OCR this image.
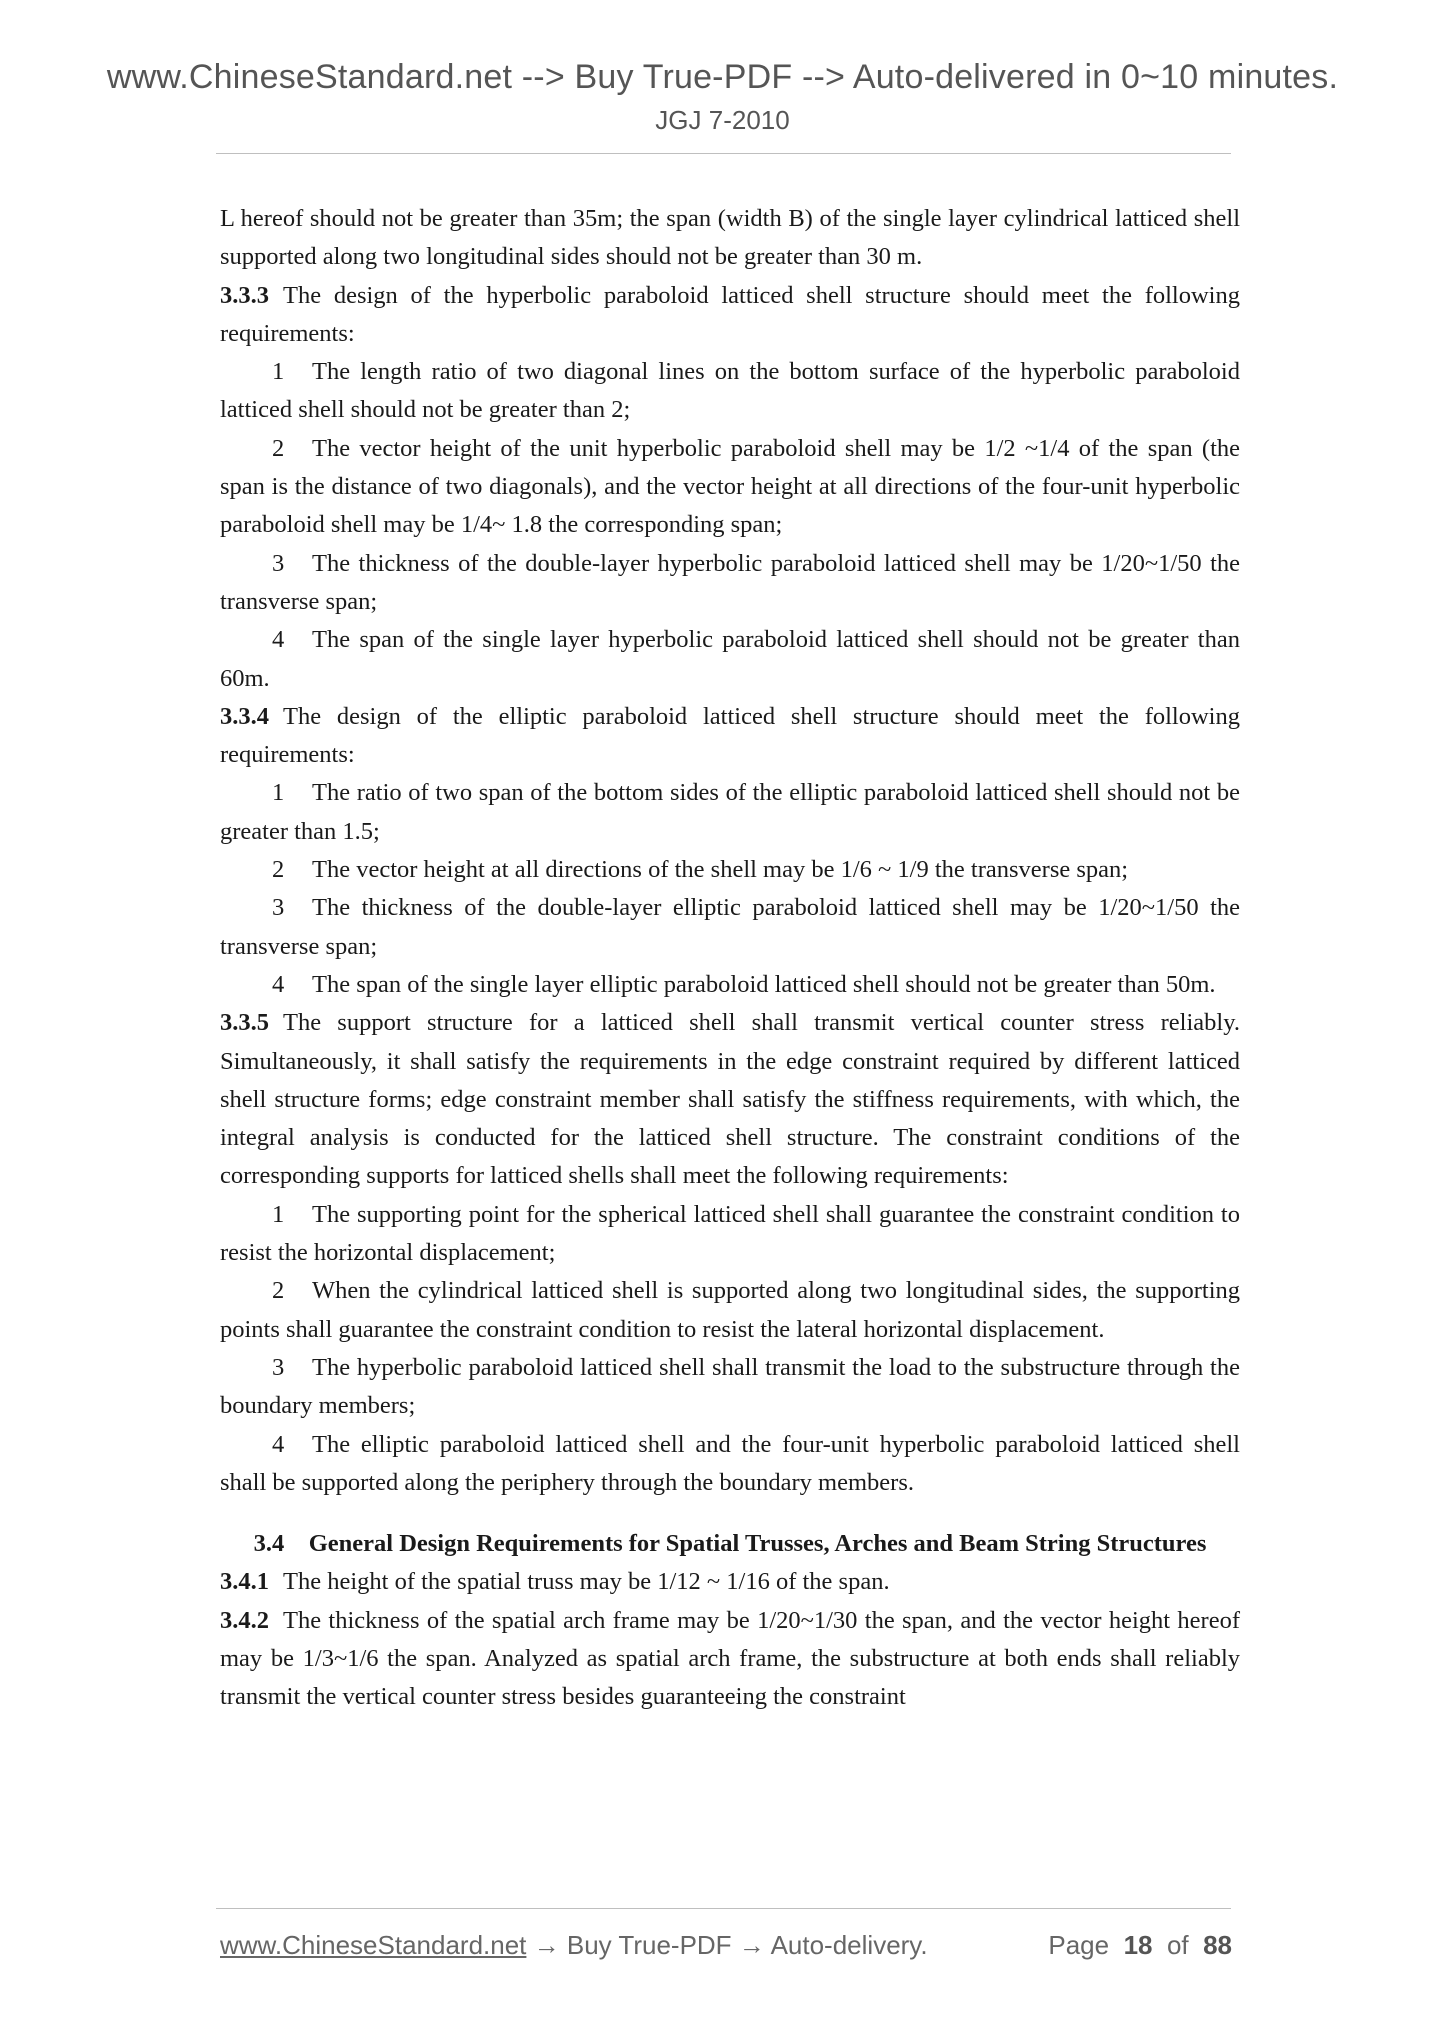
www.ChineseStandard.net --> Buy True-PDF --> Auto-delivered in 0~10 minutes.
JGJ 7-2010

L hereof should not be greater than 35m; the span (width B) of the single layer cylindrical latticed shell supported along two longitudinal sides should not be greater than 30 m.

3.3.3 The design of the hyperbolic paraboloid latticed shell structure should meet the following requirements:

1 The length ratio of two diagonal lines on the bottom surface of the hyperbolic paraboloid latticed shell should not be greater than 2;

2 The vector height of the unit hyperbolic paraboloid shell may be 1/2 ~1/4 of the span (the span is the distance of two diagonals), and the vector height at all directions of the four-unit hyperbolic paraboloid shell may be 1/4~ 1.8 the corresponding span;

3 The thickness of the double-layer hyperbolic paraboloid latticed shell may be 1/20~1/50 the transverse span;

4 The span of the single layer hyperbolic paraboloid latticed shell should not be greater than 60m.

3.3.4 The design of the elliptic paraboloid latticed shell structure should meet the following requirements:

1 The ratio of two span of the bottom sides of the elliptic paraboloid latticed shell should not be greater than 1.5;

2 The vector height at all directions of the shell may be 1/6 ~ 1/9 the transverse span;

3 The thickness of the double-layer elliptic paraboloid latticed shell may be 1/20~1/50 the transverse span;

4 The span of the single layer elliptic paraboloid latticed shell should not be greater than 50m.

3.3.5 The support structure for a latticed shell shall transmit vertical counter stress reliably. Simultaneously, it shall satisfy the requirements in the edge constraint required by different latticed shell structure forms; edge constraint member shall satisfy the stiffness requirements, with which, the integral analysis is conducted for the latticed shell structure. The constraint conditions of the corresponding supports for latticed shells shall meet the following requirements:

1 The supporting point for the spherical latticed shell shall guarantee the constraint condition to resist the horizontal displacement;

2 When the cylindrical latticed shell is supported along two longitudinal sides, the supporting points shall guarantee the constraint condition to resist the lateral horizontal displacement.

3 The hyperbolic paraboloid latticed shell shall transmit the load to the substructure through the boundary members;

4 The elliptic paraboloid latticed shell and the four-unit hyperbolic paraboloid latticed shell shall be supported along the periphery through the boundary members.

3.4 General Design Requirements for Spatial Trusses, Arches and Beam String Structures

3.4.1 The height of the spatial truss may be 1/12 ~ 1/16 of the span.

3.4.2 The thickness of the spatial arch frame may be 1/20~1/30 the span, and the vector height hereof may be 1/3~1/6 the span. Analyzed as spatial arch frame, the substructure at both ends shall reliably transmit the vertical counter stress besides guaranteeing the constraint

www.ChineseStandard.net → Buy True-PDF → Auto-delivery.	Page 18 of 88
